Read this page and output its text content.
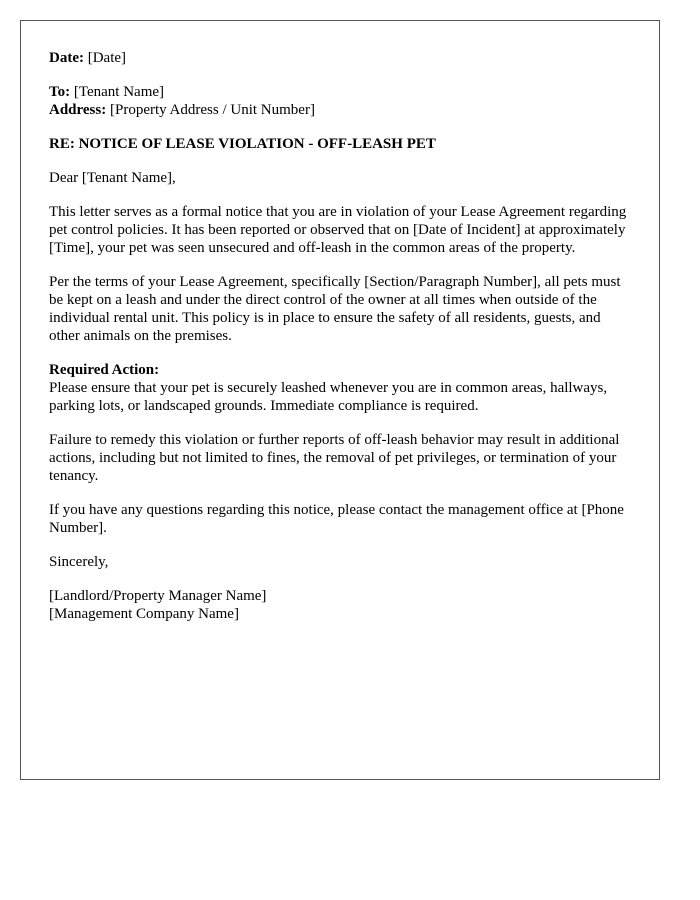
Date: [Date]
To: [Tenant Name]
Address: [Property Address / Unit Number]
RE: NOTICE OF LEASE VIOLATION - OFF-LEASH PET

Dear [Tenant Name],

This letter serves as a formal notice that you are in violation of your Lease Agreement regarding pet control policies. It has been reported or observed that on [Date of Incident] at approximately [Time], your pet was seen unsecured and off-leash in the common areas of the property.

Per the terms of your Lease Agreement, specifically [Section/Paragraph Number], all pets must be kept on a leash and under the direct control of the owner at all times when outside of the individual rental unit. This policy is in place to ensure the safety of all residents, guests, and other animals on the premises.

Required Action:
Please ensure that your pet is securely leashed whenever you are in common areas, hallways, parking lots, or landscaped grounds. Immediate compliance is required.

Failure to remedy this violation or further reports of off-leash behavior may result in additional actions, including but not limited to fines, the removal of pet privileges, or termination of your tenancy.

If you have any questions regarding this notice, please contact the management office at [Phone Number].

Sincerely,

[Landlord/Property Manager Name]
[Management Company Name]
